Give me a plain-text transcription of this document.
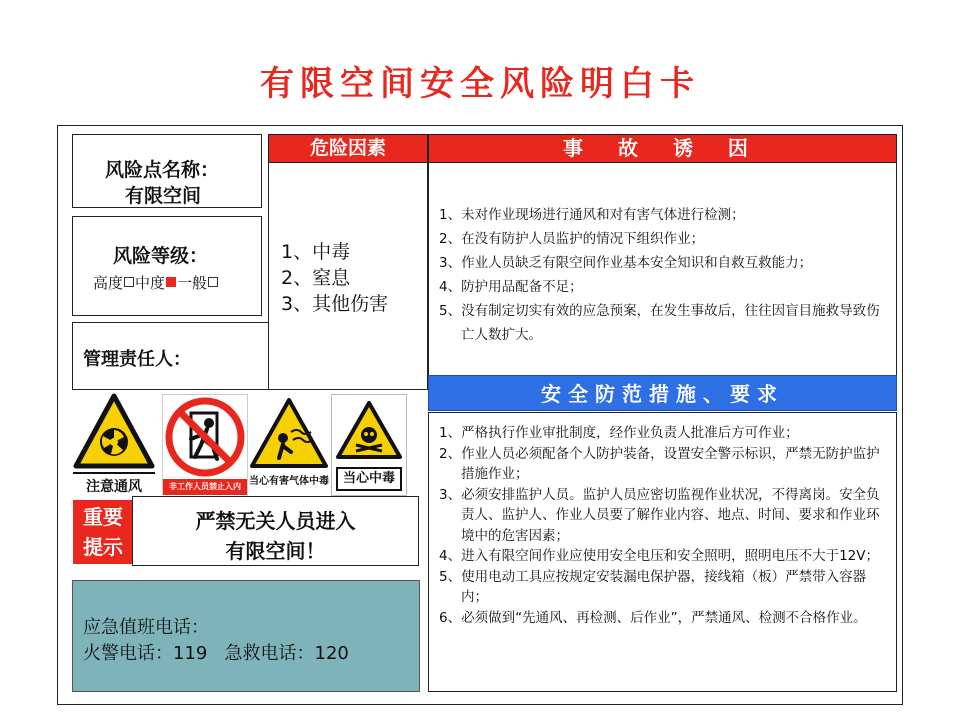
有限空间安全风险明白卡
风险点名称：
有限空间
风险等级：
高度 中度 一般
管理责任人：
危险因素
1、中毒
2、窒息
3、其他伤害
事 故 诱 因

1、未对作业现场进行通风和对有害气体进行检测；

2、在没有防护人员监护的情况下组织作业；

3、作业人员缺乏有限空间作业基本安全知识和自救互救能力；

4、防护用品配备不足；

5、没有制定切实有效的应急预案，在发生事故后，往往因盲目施救导致伤亡人数扩大。

安全防范措施、要求

1、严格执行作业审批制度，经作业负责人批准后方可作业；

2、作业人员必须配备个人防护装备，设置安全警示标识，严禁无防护监护措施作业；

3、必须安排监护人员。监护人员应密切监视作业状况，不得离岗。安全负责人、监护人、作业人员要了解作业内容、地点、时间、要求和作业环境中的危害因素；

4、进入有限空间作业应使用安全电压和安全照明，照明电压不大于12V；

5、使用电动工具应按规定安装漏电保护器，接线箱（板）严禁带入容器内；

6、必须做到“先通风、再检测、后作业”，严禁通风、检测不合格作业。

注意通风	非工作人员禁止入内 当心有害气体中毒	当心中毒
重要
提示
严禁无关人员进入
有限空间！
应急值班电话：
火警电话：119   急救电话：120
